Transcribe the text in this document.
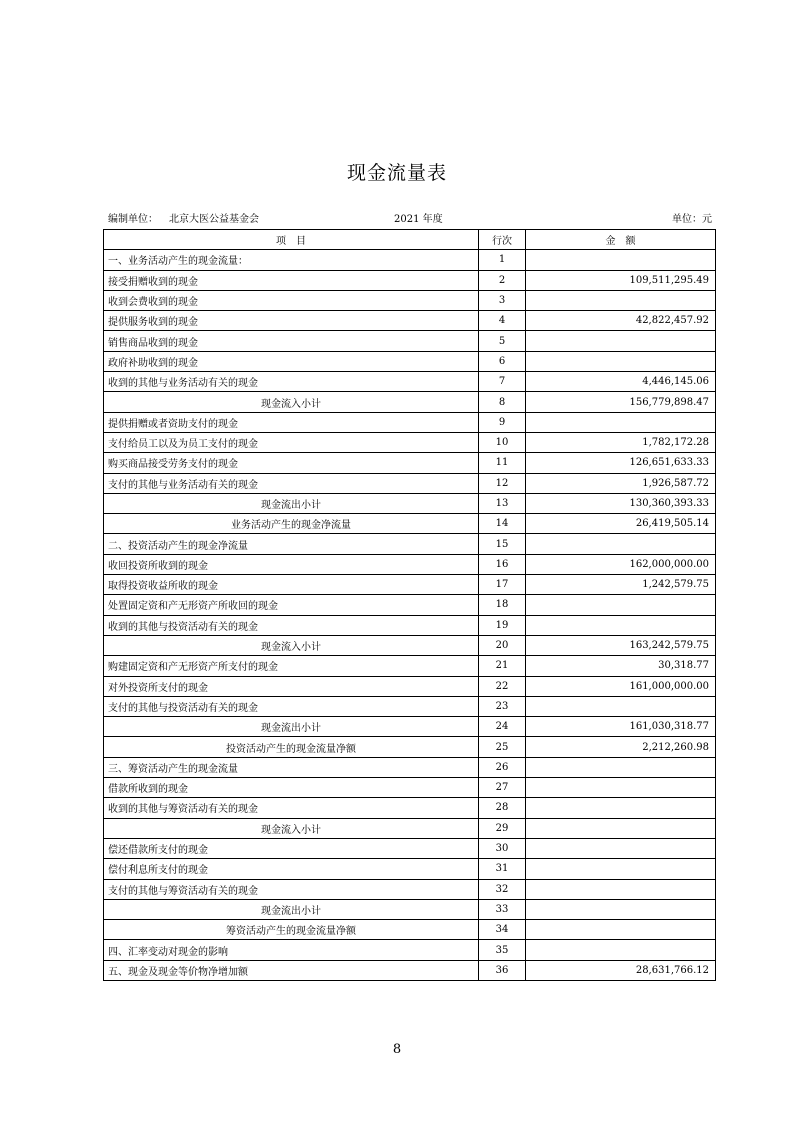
现金流量表
编制单位： 北京大医公益基金会	2021 年度	单位：元
项　目	行次	金　额
一、业务活动产生的现金流量：	1	
接受捐赠收到的现金	2	109,511,295.49
收到会费收到的现金	3	
提供服务收到的现金	4	42,822,457.92
销售商品收到的现金	5	
政府补助收到的现金	6	
收到的其他与业务活动有关的现金	7	4,446,145.06
现金流入小计	8	156,779,898.47
提供捐赠或者资助支付的现金	9	
支付给员工以及为员工支付的现金	10	1,782,172.28
购买商品接受劳务支付的现金	11	126,651,633.33
支付的其他与业务活动有关的现金	12	1,926,587.72
现金流出小计	13	130,360,393.33
业务活动产生的现金净流量	14	26,419,505.14
二、投资活动产生的现金净流量	15	
收回投资所收到的现金	16	162,000,000.00
取得投资收益所收的现金	17	1,242,579.75
处置固定资和产无形资产所收回的现金	18	
收到的其他与投资活动有关的现金	19	
现金流入小计	20	163,242,579.75
购建固定资和产无形资产所支付的现金	21	30,318.77
对外投资所支付的现金	22	161,000,000.00
支付的其他与投资活动有关的现金	23	
现金流出小计	24	161,030,318.77
投资活动产生的现金流量净额	25	2,212,260.98
三、筹资活动产生的现金流量	26	
借款所收到的现金	27	
收到的其他与筹资活动有关的现金	28	
现金流入小计	29	
偿还借款所支付的现金	30	
偿付利息所支付的现金	31	
支付的其他与筹资活动有关的现金	32	
现金流出小计	33	
筹资活动产生的现金流量净额	34	
四、汇率变动对现金的影响	35	
五、现金及现金等价物净增加额	36	28,631,766.12
8
